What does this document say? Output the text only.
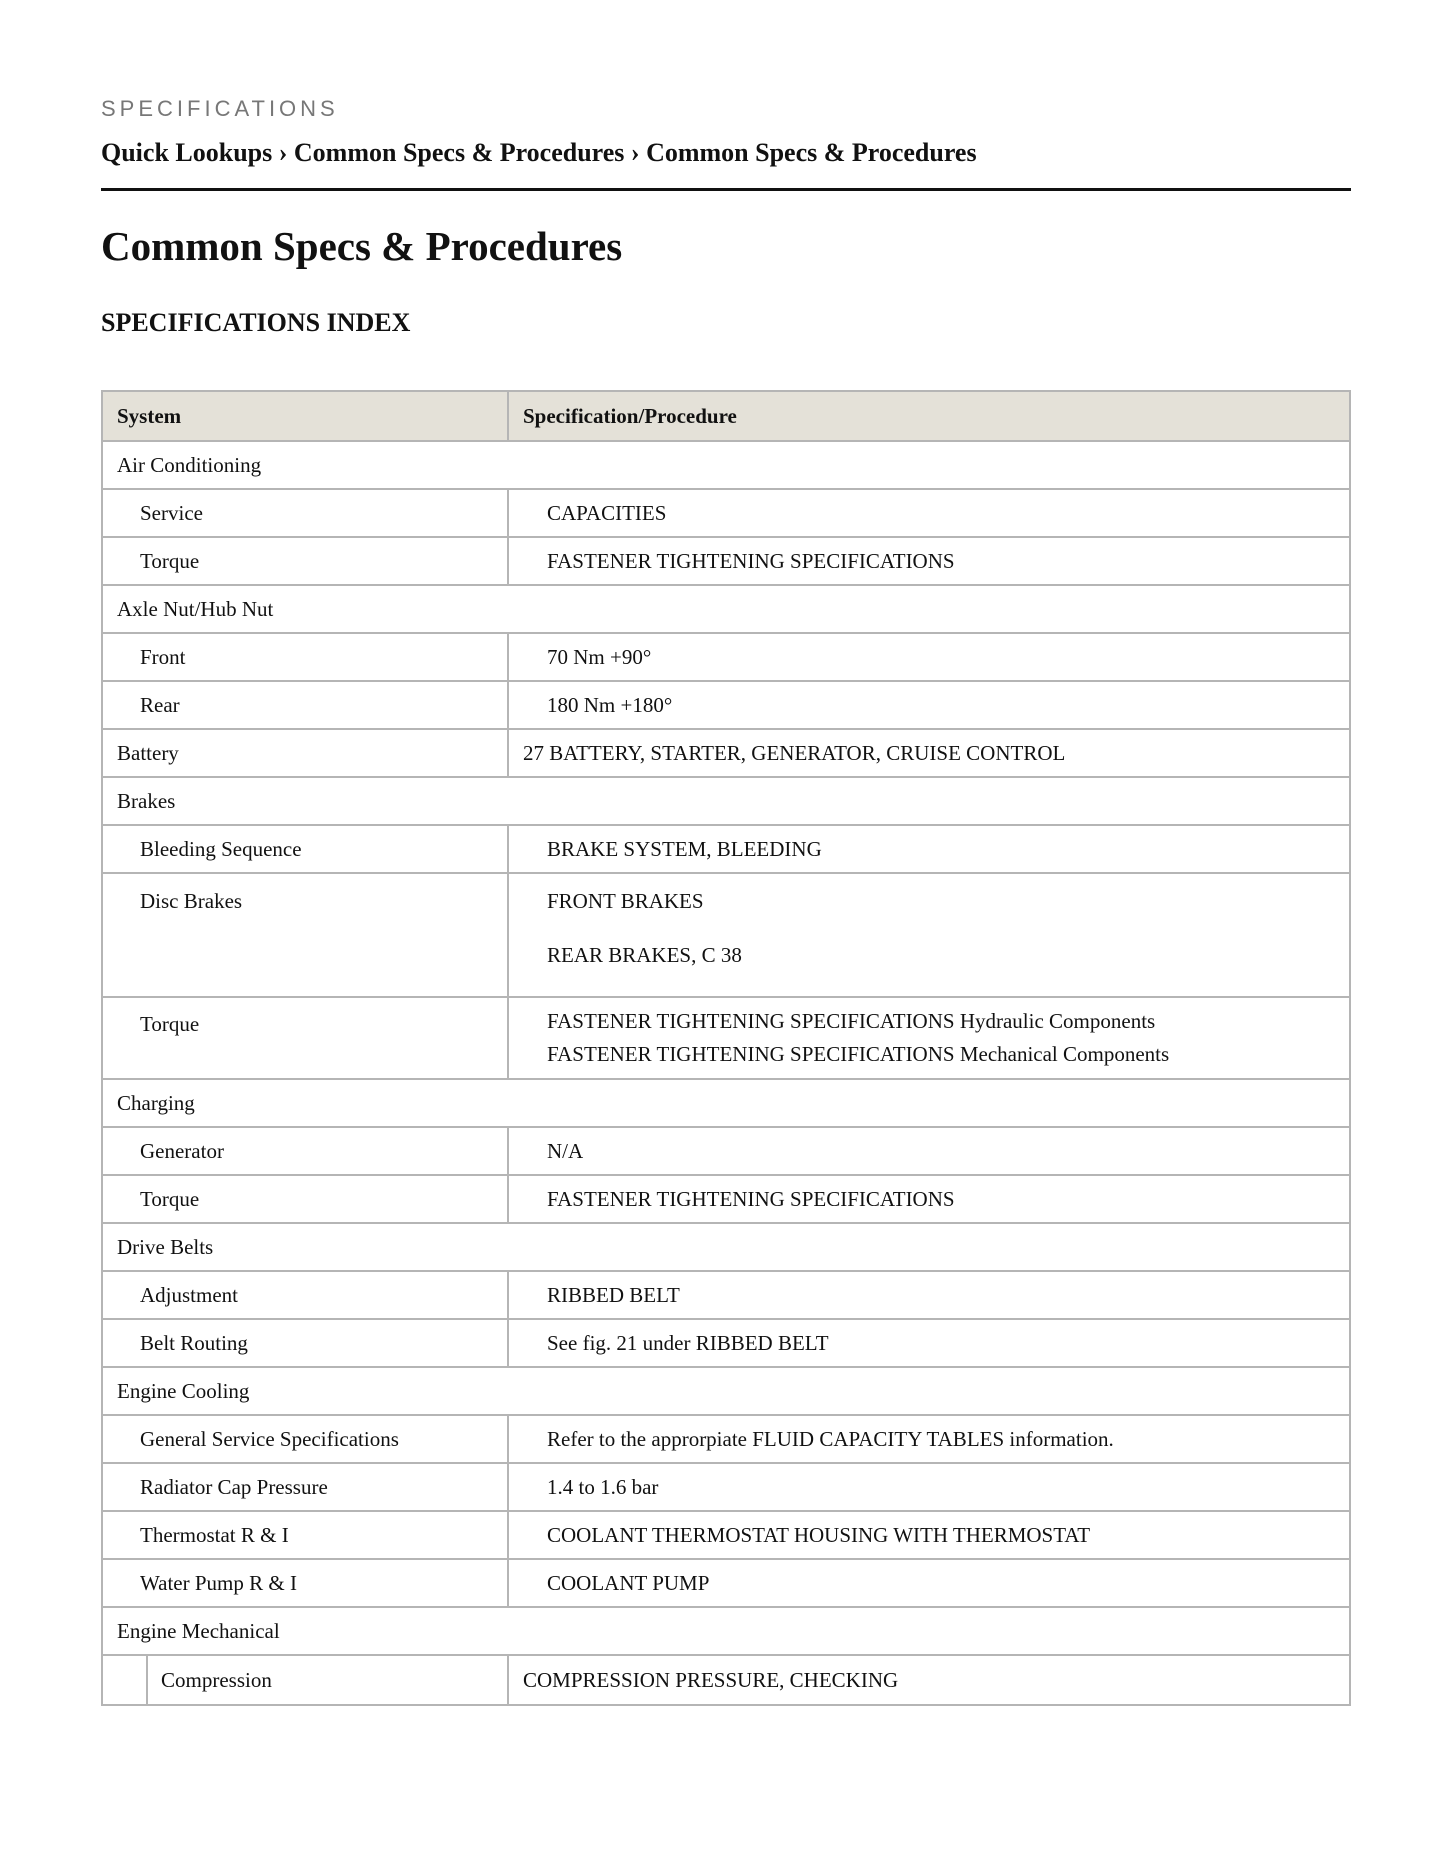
SPECIFICATIONS
Quick Lookups › Common Specs & Procedures › Common Specs & Procedures
Common Specs & Procedures
SPECIFICATIONS INDEX
System	Specification/Procedure
Air Conditioning	
Service	CAPACITIES
Torque	FASTENER TIGHTENING SPECIFICATIONS
Axle Nut/Hub Nut	
Front	70 Nm +90°
Rear	180 Nm +180°
Battery	27 BATTERY, STARTER, GENERATOR, CRUISE CONTROL
Brakes	
Bleeding Sequence	BRAKE SYSTEM, BLEEDING

Disc Brakes	FRONT BRAKES
REAR BRAKES, C 38

Torque	FASTENER TIGHTENING SPECIFICATIONS Hydraulic Components
FASTENER TIGHTENING SPECIFICATIONS Mechanical Components

Charging	
Generator	N/A
Torque	FASTENER TIGHTENING SPECIFICATIONS
Drive Belts	
Adjustment	RIBBED BELT
Belt Routing	See fig. 21 under RIBBED BELT
Engine Cooling	
General Service Specifications	Refer to the approrpiate FLUID CAPACITY TABLES information.
Radiator Cap Pressure	1.4 to 1.6 bar
Thermostat R & I	COOLANT THERMOSTAT HOUSING WITH THERMOSTAT
Water Pump R & I	COOLANT PUMP
Engine Mechanical	

Compression	COMPRESSION PRESSURE, CHECKING
